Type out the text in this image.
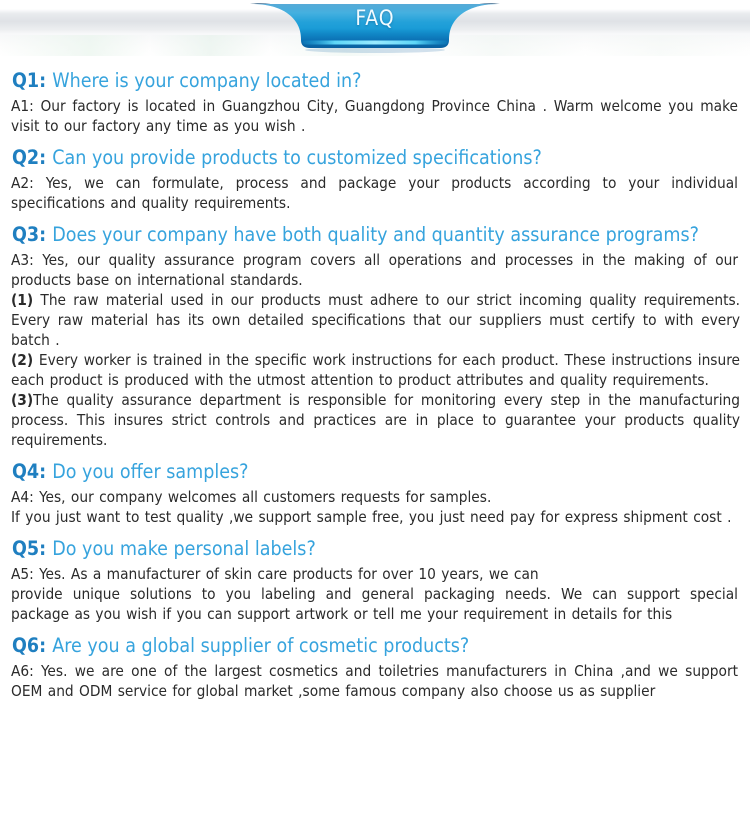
FAQ
Q1: Where is your company located in?

A1: Our factory is located in Guangzhou City, Guangdong Province China . Warm welcome you make visit to our factory any time as you wish .

Q2: Can you provide products to customized specifications?

A2: Yes, we can formulate, process and package your products according to your individual specifications and quality requirements.

Q3: Does your company have both quality and quantity assurance programs?

A3: Yes, our quality assurance program covers all operations and processes in the making of our products base on international standards.

(1) The raw material used in our products must adhere to our strict incoming quality requirements. Every raw material has its own detailed specifications that our suppliers must certify to with every batch .

(2) Every worker is trained in the specific work instructions for each product. These instructions insure each product is produced with the utmost attention to product attributes and quality requirements.

(3)The quality assurance department is responsible for monitoring every step in the manufacturing process. This insures strict controls and practices are in place to guarantee your products quality requirements.

Q4: Do you offer samples?

A4: Yes, our company welcomes all customers requests for samples.

If you just want to test quality ,we support sample free, you just need pay for express shipment cost .

Q5: Do you make personal labels?

A5: Yes. As a manufacturer of skin care products for over 10 years, we can

provide unique solutions to you labeling and general packaging needs. We can support special package as you wish if you can support artwork or tell me your requirement in details for this

Q6: Are you a global supplier of cosmetic products?

A6: Yes. we are one of the largest cosmetics and toiletries manufacturers in China ,and we support OEM and ODM service for global market ,some famous company also choose us as supplier
